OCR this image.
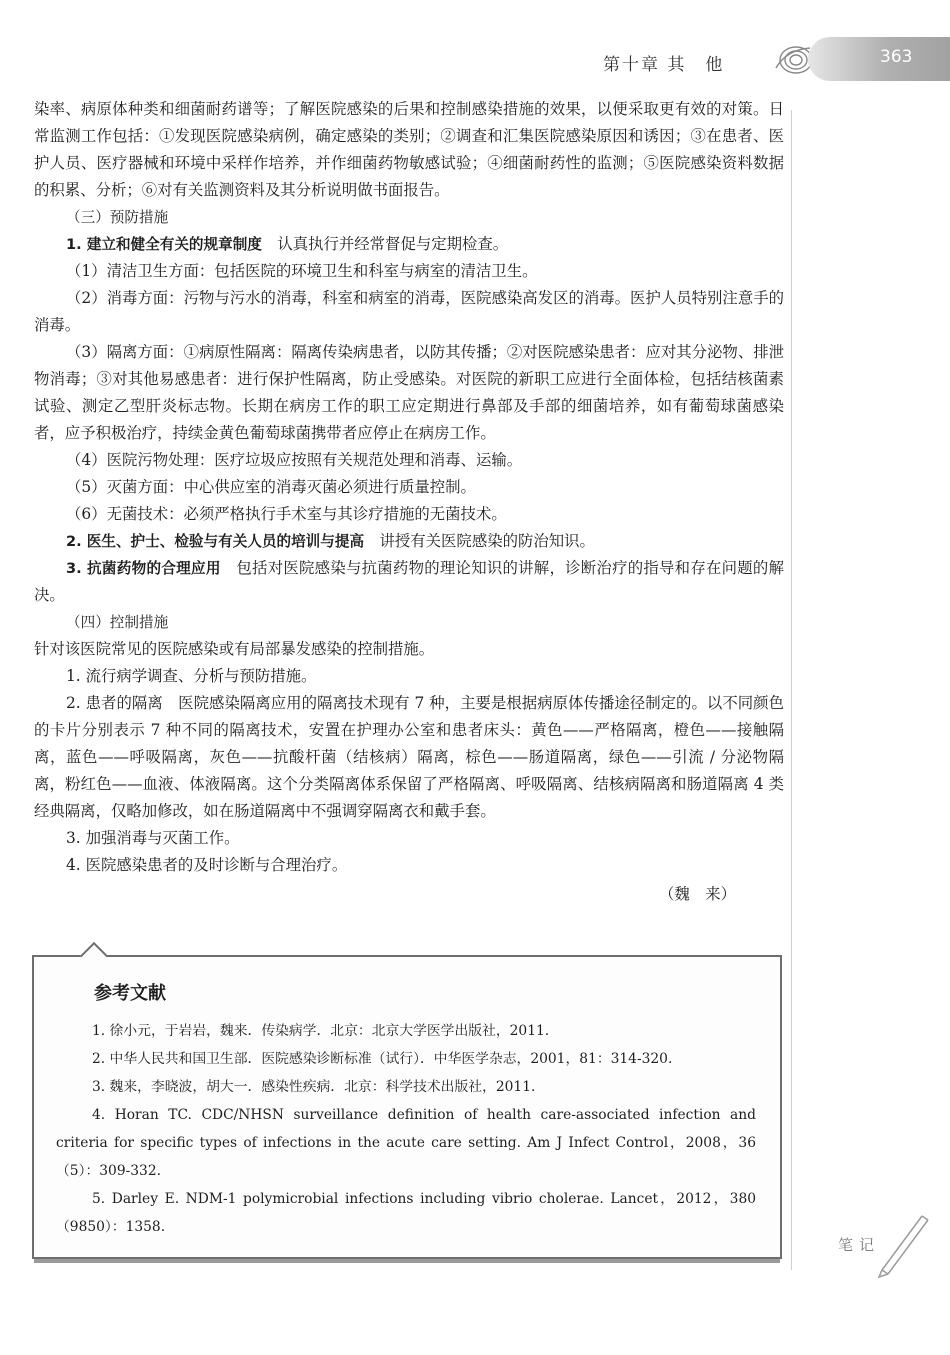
第十章 其　他	363

染率、病原体种类和细菌耐药谱等；了解医院感染的后果和控制感染措施的效果，以便采取更有效的对策。日常监测工作包括：①发现医院感染病例，确定感染的类别；②调查和汇集医院感染原因和诱因；③在患者、医护人员、医疗器械和环境中采样作培养，并作细菌药物敏感试验；④细菌耐药性的监测；⑤医院感染资料数据的积累、分析；⑥对有关监测资料及其分析说明做书面报告。

（三）预防措施

1. 建立和健全有关的规章制度　 认真执行并经常督促与定期检查。

（1）清洁卫生方面：包括医院的环境卫生和科室与病室的清洁卫生。

（2）消毒方面：污物与污水的消毒，科室和病室的消毒，医院感染高发区的消毒。医护人员特别注意手的消毒。

（3）隔离方面：①病原性隔离：隔离传染病患者，以防其传播；②对医院感染患者：应对其分泌物、排泄物消毒；③对其他易感患者：进行保护性隔离，防止受感染。对医院的新职工应进行全面体检，包括结核菌素试验、测定乙型肝炎标志物。长期在病房工作的职工应定期进行鼻部及手部的细菌培养，如有葡萄球菌感染者，应予积极治疗，持续金黄色葡萄球菌携带者应停止在病房工作。

（4）医院污物处理：医疗垃圾应按照有关规范处理和消毒、运输。

（5）灭菌方面：中心供应室的消毒灭菌必须进行质量控制。

（6）无菌技术：必须严格执行手术室与其诊疗措施的无菌技术。

2. 医生、护士、检验与有关人员的培训与提高　 讲授有关医院感染的防治知识。

3. 抗菌药物的合理应用　 包括对医院感染与抗菌药物的理论知识的讲解，诊断治疗的指导和存在问题的解决。

（四）控制措施

针对该医院常见的医院感染或有局部暴发感染的控制措施。

1. 流行病学调查、分析与预防措施。

2. 患者的隔离　医院感染隔离应用的隔离技术现有 7 种，主要是根据病原体传播途径制定的。以不同颜色的卡片分别表示 7 种不同的隔离技术，安置在护理办公室和患者床头：黄色——严格隔离，橙色——接触隔离，蓝色——呼吸隔离，灰色——抗酸杆菌（结核病）隔离，棕色——肠道隔离，绿色——引流 / 分泌物隔离，粉红色——血液、体液隔离。这个分类隔离体系保留了严格隔离、呼吸隔离、结核病隔离和肠道隔离 4 类经典隔离，仅略加修改，如在肠道隔离中不强调穿隔离衣和戴手套。

3. 加强消毒与灭菌工作。

4. 医院感染患者的及时诊断与合理治疗。

（魏　来）

参考文献

1. 徐小元，于岩岩，魏来．传染病学．北京：北京大学医学出版社，2011.

2. 中华人民共和国卫生部．医院感染诊断标准（试行）．中华医学杂志，2001，81：314-320.

3. 魏来，李晓波，胡大一．感染性疾病．北京：科学技术出版社，2011.

4. Horan TC. CDC/NHSN surveillance definition of health care-associated infection and criteria for specific types of infections in the acute care setting. Am J Infect Control，2008，36（5）：309-332.

5. Darley E. NDM-1 polymicrobial infections including vibrio cholerae. Lancet，2012，380（9850）：1358.

笔记
